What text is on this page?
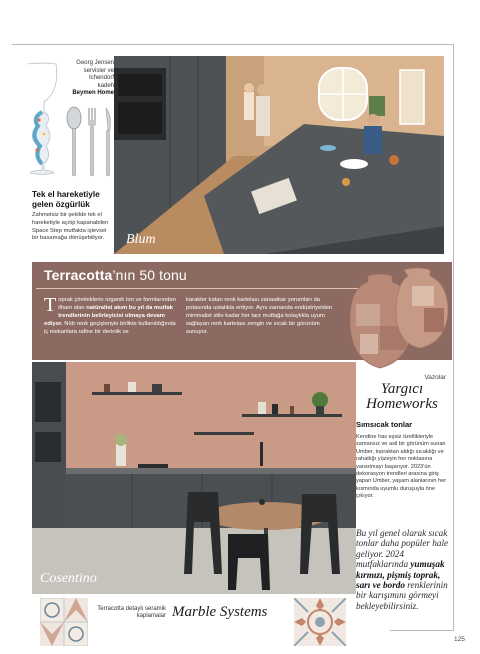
Georg Jensen
servisler ve
Ichendorf
kadeh
Beymen Home
Blum
Tek el hareketiyle gelen özgürlük
Zahmetsiz bir şekilde tek el hareketiyle açılıp kapanabilen Space Step mutfakta işlevsel bir basamağa dönüşebiliyor.
Terracotta’nın 50 tonu
Toprak çömleklerin organik ton ve formlarından ilham alan natüralist akım bu yıl da mutfak trendlerinin belirleyicisi olmaya devam ediyor. Nötr renk geçişleriyle birlikte kullanıldığında iç mekanlara rafine bir derinlik ve
karakter katan renk kartelası zanaatkar yorumları da potasında ustalıkla eritiyor. Aynı zamanda endüstriyelden minimalist stile kadar her tarz mutfağa kolaylıkla uyum sağlayan renk kartelası zengin ve sıcak bir görünüm sunuyor.
Vazolar
Yargıcı Homeworks
Sımsıcak tonlar
Kendine has eşsiz özellikleriyle zamansız ve asil bir görünüm sunan Umber, topraktan aldığı sıcaklığı ve rahatlığı yüzeyin her noktasına yansıtmayı başarıyor. 2023’ün dekorasyon trendleri arasına giriş yapan Umber, yaşam alanlarının her kısmında uyumlu duruşuyla öne çıkıyor.
Bu yıl genel olarak sıcak tonlar daha popüler hale geliyor. 2024 mutfaklarında yumuşak kırmızı, pişmiş toprak, sarı ve bordo renklerinin bir karışımını görmeyi bekleyebilirsiniz.
Cosentino
Terracotta detaylı seramik kaplamalar Marble Systems
125
